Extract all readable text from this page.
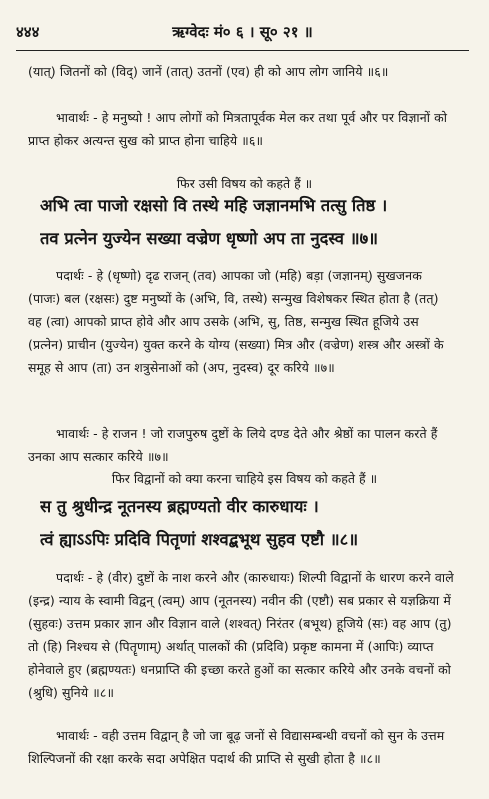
४४४	ऋग्वेदः मं० ६ । सू० २१ ॥
(यात्) जितनों को (विद्) जानें (तात्) उतनों (एव) ही को आप लोग जानिये ॥६॥
भावार्थः - हे मनुष्यो ! आप लोगों को मित्रतापूर्वक मेल कर तथा पूर्व और पर विज्ञानों को प्राप्त होकर अत्यन्त सुख को प्राप्त होना चाहिये ॥६॥
फिर उसी विषय को कहते हैं ॥
अभि त्वा पाजो रक्षसो वि तस्थे महि जज्ञानमभि तत्सु तिष्ठ ।
तव प्रत्नेन युज्येन सख्या वज्रेण धृष्णो अप ता नुदस्व ॥७॥
पदार्थः - हे (धृष्णो) दृढ राजन् (तव) आपका जो (महि) बड़ा (जज्ञानम्) सुखजनक (पाजः) बल (रक्षसः) दुष्ट मनुष्यों के (अभि, वि, तस्थे) सन्मुख विशेषकर स्थित होता है (तत्) वह (त्वा) आपको प्राप्त होवे और आप उसके (अभि, सु, तिष्ठ, सन्मुख स्थित हूजिये उस (प्रत्नेन) प्राचीन (युज्येन) युक्त करने के योग्य (सख्या) मित्र और (वज्रेण) शस्त्र और अस्त्रों के समूह से आप (ता) उन शत्रुसेनाओं को (अप, नुदस्व) दूर करिये ॥७॥
भावार्थः - हे राजन ! जो राजपुरुष दुष्टों के लिये दण्ड देते और श्रेष्ठों का पालन करते हैं उनका आप सत्कार करिये ॥७॥
फिर विद्वानों को क्या करना चाहिये इस विषय को कहते हैं ॥
स तु श्रुधीन्द्र नूतनस्य ब्रह्मण्यतो वीर कारुधायः ।
त्वं ह्याऽऽपिः प्रदिवि पितॄणां शश्वद्बभूथ सुहव एष्टौ ॥८॥
पदार्थः - हे (वीर) दुष्टों के नाश करने और (कारुधायः) शिल्पी विद्वानों के धारण करने वाले (इन्द्र) न्याय के स्वामी विद्वन् (त्वम्) आप (नूतनस्य) नवीन की (एष्टौ) सब प्रकार से यज्ञक्रिया में (सुहवः) उत्तम प्रकार ज्ञान और विज्ञान वाले (शश्वत्) निरंतर (बभूथ) हूजिये (सः) वह आप (तु) तो (हि) निश्चय से (पितॄणाम्) अर्थात् पालकों की (प्रदिवि) प्रकृष्ट कामना में (आपिः) व्याप्त होनेवाले हुए (ब्रह्मण्यतः) धनप्राप्ति की इच्छा करते हुओं का सत्कार करिये और उनके वचनों को (श्रुधि) सुनिये ॥८॥
भावार्थः - वही उत्तम विद्वान् है जो जा बूढ़ जनों से विद्यासम्बन्धी वचनों को सुन के उत्तम शिल्पिजनों की रक्षा करके सदा अपेक्षित पदार्थ की प्राप्ति से सुखी होता है ॥८॥
